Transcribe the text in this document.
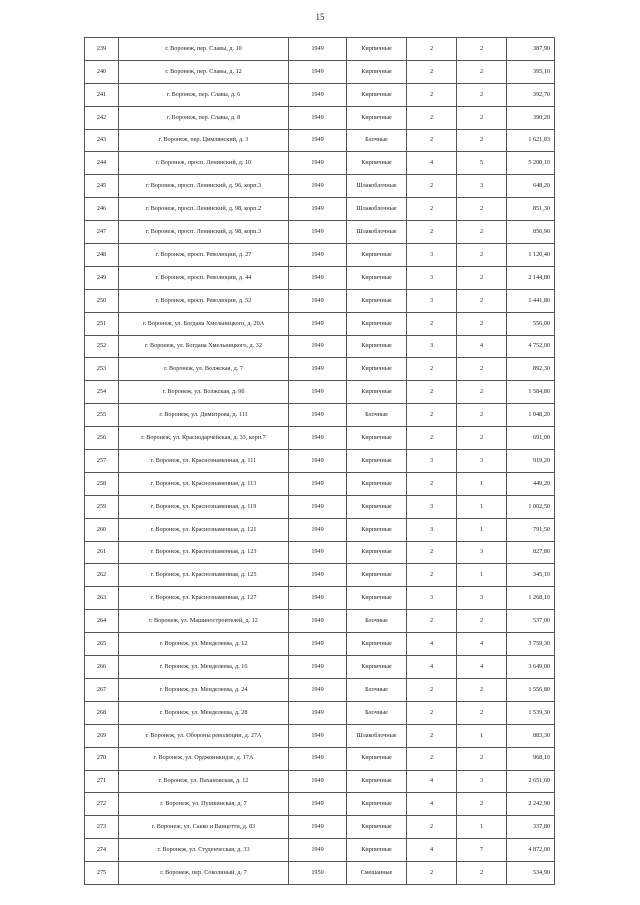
15
239	г. Воронеж, пер. Славы, д. 10	1949	Кирпичные	2	2	387,90
240	г. Воронеж, пер. Славы, д. 12	1949	Кирпичные	2	2	395,10
241	г. Воронеж, пер. Славы, д. 6	1949	Кирпичные	2	2	392,70
242	г. Воронеж, пер. Славы, д. 8	1949	Кирпичные	2	2	390,20
243	г. Воронеж, пер. Цимлянский, д. 3	1949	Блочные	2	2	1 621,83
244	г. Воронеж, просп. Ленинский, д. 10	1949	Кирпичные	4	5	5 200,10
245	г. Воронеж, просп. Ленинский, д. 96, корп.3	1949	Шлакоблочные	2	3	648,20
246	г. Воронеж, просп. Ленинский, д. 98, корп.2	1949	Шлакоблочные	2	2	851,30
247	г. Воронеж, просп. Ленинский, д. 98, корп.3	1949	Шлакоблочные	2	2	856,90
248	г. Воронеж, просп. Революции, д. 27	1949	Кирпичные	3	2	1 120,40
249	г. Воронеж, просп. Революции, д. 44	1949	Кирпичные	3	2	2 144,80
250	г. Воронеж, просп. Революции, д. 52	1949	Кирпичные	3	2	1 441,80
251	г. Воронеж, ул. Богдана Хмельницкого, д. 20А	1949	Кирпичные	2	2	556,00
252	г. Воронеж, ул. Богдана Хмельницкого, д. 32	1949	Кирпичные	3	4	4 752,00
253	г. Воронеж, ул. Волжская, д. 7	1949	Кирпичные	2	2	892,30
254	г. Воронеж, ул. Волжская, д. 9б	1949	Кирпичные	2	2	1 584,80
255	г. Воронеж, ул. Димитрова, д. 111	1949	Блочные	2	2	1 048,20
256	г. Воронеж, ул. Краснодарчейская, д. 33, корп.7	1949	Кирпичные	2	2	691,00
257	г. Воронеж, ул. Краснознаменная, д. 111	1949	Кирпичные	3	3	919,20
258	г. Воронеж, ул. Краснознаменная, д. 113	1949	Кирпичные	2	1	449,20
259	г. Воронеж, ул. Краснознаменная, д. 119	1949	Кирпичные	3	1	1 002,50
260	г. Воронеж, ул. Краснознаменная, д. 121	1949	Кирпичные	3	1	791,50
261	г. Воронеж, ул. Краснознаменная, д. 123	1949	Кирпичные	2	3	827,80
262	г. Воронеж, ул. Краснознаменная, д. 125	1949	Кирпичные	2	1	345,10
263	г. Воронеж, ул. Краснознаменная, д. 127	1949	Кирпичные	3	3	1 268,10
264	г. Воронеж, ул. Машиностроителей, д. 12	1949	Блочные	2	2	537,00
265	г. Воронеж, ул. Менделеева, д. 12	1949	Кирпичные	4	4	3 759,30
266	г. Воронеж, ул. Менделеева, д. 16	1949	Кирпичные	4	4	3 649,00
267	г. Воронеж, ул. Менделеева, д. 24	1949	Блочные	2	2	1 556,80
268	г. Воронеж, ул. Менделеева, д. 28	1949	Блочные	2	2	1 539,30
269	г. Воронеж, ул. Обороны революции, д. 27А	1949	Шлакоблочные	2	1	883,30
270	г. Воронеж, ул. Орджоникидзе, д. 17А	1949	Кирпичные	2	2	968,10
271	г. Воронеж, ул. Пахановская, д. 12	1949	Кирпичные	4	3	2 651,60
272	г. Воронеж, ул. Пушкинская, д. 7	1949	Кирпичные	4	2	2 242,90
273	г. Воронеж, ул. Сакко и Ванцетти, д. 83	1949	Кирпичные	2	1	337,80
274	г. Воронеж, ул. Студенческая, д. 33	1949	Кирпичные	4	7	4 872,00
275	г. Воронеж, пер. Соколиный, д. 7	1950	Смешанные	2	2	534,90
